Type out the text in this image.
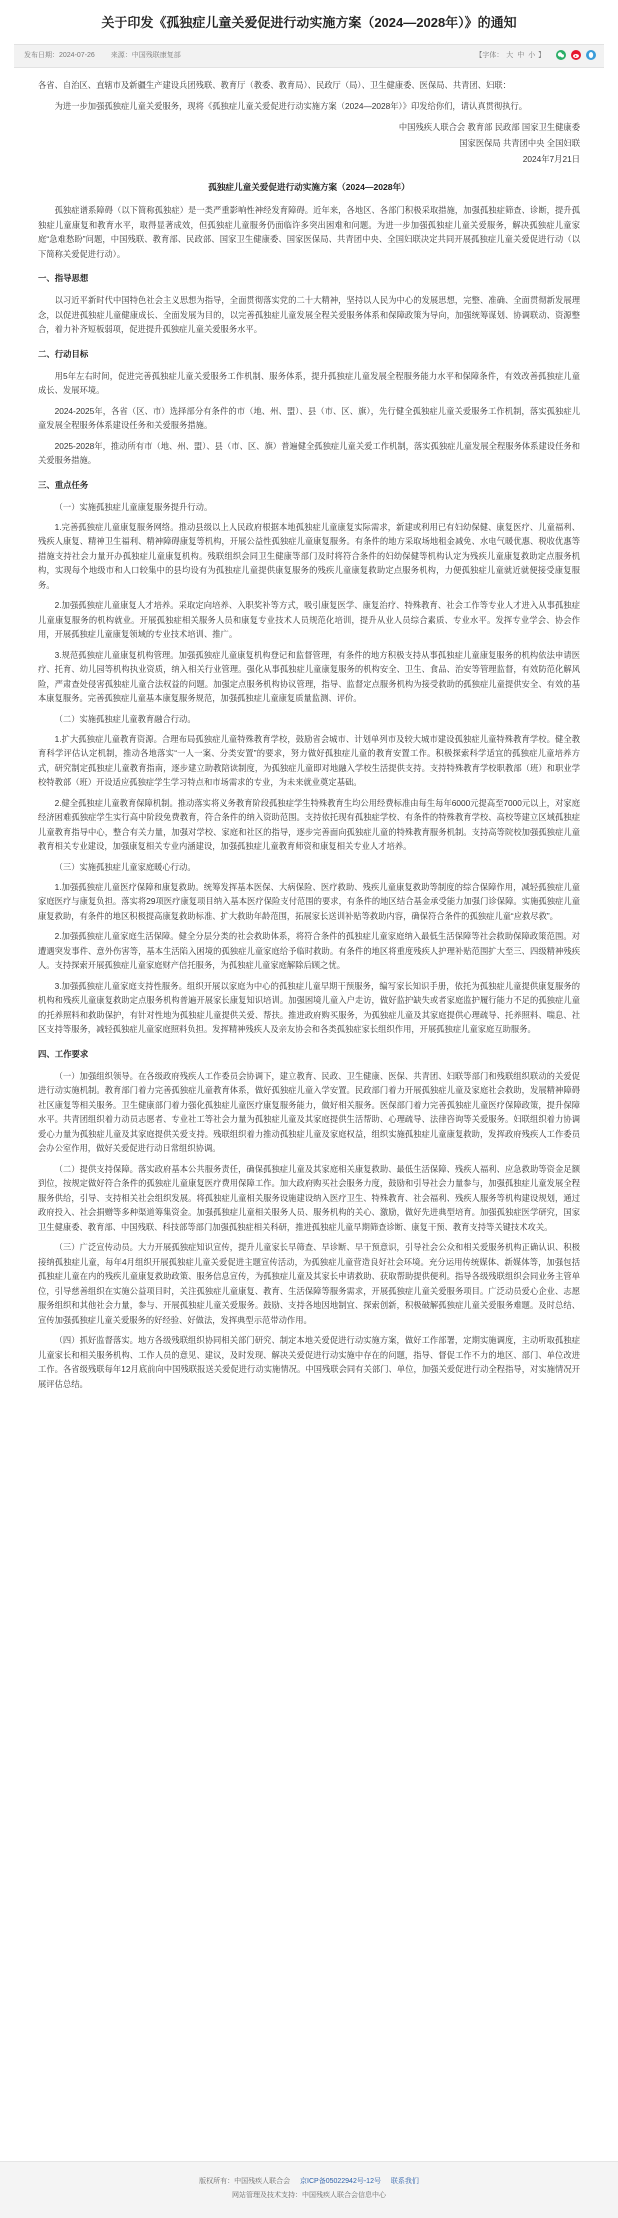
关于印发《孤独症儿童关爱促进行动实施方案（2024—2028年）》的通知
发布日期：2024-07-26 来源：中国残联康复部	【字体： 大 中 小 】

各省、自治区、直辖市及新疆生产建设兵团残联、教育厅（教委、教育局）、民政厅（局）、卫生健康委、医保局、共青团、妇联：

为进一步加强孤独症儿童关爱服务，现将《孤独症儿童关爱促进行动实施方案（2024—2028年）》印发给你们，请认真贯彻执行。

中国残疾人联合会 教育部 民政部 国家卫生健康委

国家医保局 共青团中央 全国妇联

2024年7月21日

孤独症儿童关爱促进行动实施方案（2024—2028年）

孤独症谱系障碍（以下简称孤独症）是一类严重影响性神经发育障碍。近年来，各地区、各部门积极采取措施，加强孤独症筛查、诊断，提升孤独症儿童康复和教育水平，取得显著成效，但孤独症儿童服务仍面临许多突出困难和问题。为进一步加强孤独症儿童关爱服务，解决孤独症儿童家庭“急难愁盼”问题，中国残联、教育部、民政部、国家卫生健康委、国家医保局、共青团中央、全国妇联决定共同开展孤独症儿童关爱促进行动（以下简称关爱促进行动）。

一、指导思想

以习近平新时代中国特色社会主义思想为指导，全面贯彻落实党的二十大精神，坚持以人民为中心的发展思想，完整、准确、全面贯彻新发展理念，以促进孤独症儿童健康成长、全面发展为目的，以完善孤独症儿童发展全程关爱服务体系和保障政策为导向，加强统筹谋划、协调联动、资源整合，着力补齐短板弱项，促进提升孤独症儿童关爱服务水平。

二、行动目标

用5年左右时间，促进完善孤独症儿童关爱服务工作机制、服务体系，提升孤独症儿童发展全程服务能力水平和保障条件，有效改善孤独症儿童成长、发展环境。

2024-2025年，各省（区、市）选择部分有条件的市（地、州、盟）、县（市、区、旗），先行健全孤独症儿童关爱服务工作机制，落实孤独症儿童发展全程服务体系建设任务和关爱服务措施。

2025-2028年，推动所有市（地、州、盟）、县（市、区、旗）普遍健全孤独症儿童关爱工作机制，落实孤独症儿童发展全程服务体系建设任务和关爱服务措施。

三、重点任务
（一）实施孤独症儿童康复服务提升行动。

1.完善孤独症儿童康复服务网络。推动县级以上人民政府根据本地孤独症儿童康复实际需求，新建或利用已有妇幼保健、康复医疗、儿童福利、残疾人康复、精神卫生福利、精神障碍康复等机构，开展公益性孤独症儿童康复服务。有条件的地方采取场地租金减免、水电气暖优惠、税收优惠等措施支持社会力量开办孤独症儿童康复机构。残联组织会同卫生健康等部门及时将符合条件的妇幼保健等机构认定为残疾儿童康复救助定点服务机构，实现每个地级市和人口较集中的县均设有为孤独症儿童提供康复服务的残疾儿童康复救助定点服务机构，力便孤独症儿童就近就便接受康复服务。

2.加强孤独症儿童康复人才培养。采取定向培养、入职奖补等方式，吸引康复医学、康复治疗、特殊教育、社会工作等专业人才进入从事孤独症儿童康复服务的机构就业。开展孤独症相关服务人员和康复专业技术人员规范化培训，提升从业人员综合素质、专业水平。发挥专业学会、协会作用，开展孤独症儿童康复领域的专业技术培训、推广。

3.规范孤独症儿童康复机构管理。加强孤独症儿童康复机构登记和监督管理，有条件的地方积极支持从事孤独症儿童康复服务的机构依法申请医疗、托育、幼儿园等机构执业资质，纳入相关行业管理。强化从事孤独症儿童康复服务的机构安全、卫生、食品、治安等管理监督，有效防范化解风险，严肃查处侵害孤独症儿童合法权益的问题。加强定点服务机构协议管理，指导、监督定点服务机构为接受救助的孤独症儿童提供安全、有效的基本康复服务。完善孤独症儿童基本康复服务规范，加强孤独症儿童康复质量监测、评价。

（二）实施孤独症儿童教育融合行动。

1.扩大孤独症儿童教育资源。合理布局孤独症儿童特殊教育学校，鼓励省会城市、计划单列市及较大城市建设孤独症儿童特殊教育学校。健全教育科学评估认定机制，推动各地落实“一人一案、分类安置”的要求，努力做好孤独症儿童的教育安置工作。积极探索科学适宜的孤独症儿童培养方式，研究制定孤独症儿童教育指南，逐步建立助教陪读制度，为孤独症儿童即对地融入学校生活提供支持。支持特殊教育学校职教部（班）和职业学校特教部（班）开设适应孤独症学生学习特点和市场需求的专业，为未来就业奠定基础。

2.健全孤独症儿童教育保障机制。推动落实将义务教育阶段孤独症学生特殊教育生均公用经费标准由每生每年6000元提高至7000元以上，对家庭经济困难孤独症学生实行高中阶段免费教育，符合条件的纳入资助范围。支持依托现有孤独症学校、有条件的特殊教育学校、高校等建立区域孤独症儿童教育指导中心，整合有关力量，加强对学校、家庭和社区的指导，逐步完善面向孤独症儿童的特殊教育服务机制。支持高等院校加强孤独症儿童教育相关专业建设，加强康复相关专业内涵建设，加强孤独症儿童教育师资和康复相关专业人才培养。

（三）实施孤独症儿童家庭暖心行动。

1.加强孤独症儿童医疗保障和康复救助。统筹发挥基本医保、大病保险、医疗救助、残疾儿童康复救助等制度的综合保障作用，减轻孤独症儿童家庭医疗与康复负担。落实将29项医疗康复项目纳入基本医疗保险支付范围的要求，有条件的地区结合基金承受能力加强门诊保障。实施孤独症儿童康复救助，有条件的地区积极提高康复救助标准、扩大救助年龄范围，拓展家长送训补贴等救助内容，确保符合条件的孤独症儿童“应救尽救”。

2.加强孤独症儿童家庭生活保障。健全分层分类的社会救助体系，将符合条件的孤独症儿童家庭纳入最低生活保障等社会救助保障政策范围。对遭遇突发事件、意外伤害等，基本生活陷入困境的孤独症儿童家庭给予临时救助。有条件的地区将重度残疾人护理补贴范围扩大至三、四级精神残疾人。支持探索开展孤独症儿童家庭财产信托服务，为孤独症儿童家庭解除后顾之忧。

3.加强孤独症儿童家庭支持性服务。组织开展以家庭为中心的孤独症儿童早期干预服务，编写家长知识手册，依托为孤独症儿童提供康复服务的机构和残疾儿童康复救助定点服务机构普遍开展家长康复知识培训。加强困境儿童入户走访，做好监护缺失或者家庭监护履行能力不足的孤独症儿童的托养照料和救助保护，有针对性地为孤独症儿童提供关爱、帮扶。推进政府购买服务，为孤独症儿童及其家庭提供心理疏导、托养照料、喘息、社区支持等服务，减轻孤独症儿童家庭照料负担。发挥精神残疾人及亲友协会和各类孤独症家长组织作用，开展孤独症儿童家庭互助服务。

四、工作要求

（一）加强组织领导。在各级政府残疾人工作委员会协调下，建立教育、民政、卫生健康、医保、共青团、妇联等部门和残联组织联动的关爱促进行动实施机制。教育部门着力完善孤独症儿童教育体系，做好孤独症儿童入学安置。民政部门着力开展孤独症儿童及家庭社会救助，发展精神障碍社区康复等相关服务。卫生健康部门着力强化孤独症儿童医疗康复服务能力，做好相关服务。医保部门着力完善孤独症儿童医疗保障政策，提升保障水平。共青团组织着力动员志愿者、专业社工等社会力量为孤独症儿童及其家庭提供生活帮助、心理疏导、法律咨询等关爱服务。妇联组织着力协调爱心力量为孤独症儿童及其家庭提供关爱支持。残联组织着力推动孤独症儿童及家庭权益，组织实施孤独症儿童康复救助，发挥政府残疾人工作委员会办公室作用，做好关爱促进行动日常组织协调。

（二）提供支持保障。落实政府基本公共服务责任，确保孤独症儿童及其家庭相关康复救助、最低生活保障、残疾人福利、应急救助等资金足额到位，按规定做好符合条件的孤独症儿童康复医疗费用保障工作。加大政府购买社会服务力度，鼓励和引导社会力量参与，加强孤独症儿童发展全程服务供给，引导、支持相关社会组织发展。将孤独症儿童相关服务设施建设纳入医疗卫生、特殊教育、社会福利、残疾人服务等机构建设规划，通过政府投入、社会捐赠等多种渠道筹集资金。加强孤独症儿童相关服务人员、服务机构的关心、激励，做好先进典型培育。加强孤独症医学研究，国家卫生健康委、教育部、中国残联、科技部等部门加强孤独症相关科研，推进孤独症儿童早期筛查诊断、康复干预、教育支持等关键技术攻关。

（三）广泛宣传动员。大力开展孤独症知识宣传，提升儿童家长早筛查、早诊断、早干预意识，引导社会公众和相关爱服务机构正确认识、积极接纳孤独症儿童，每年4月组织开展孤独症儿童关爱促进主题宣传活动，为孤独症儿童营造良好社会环境。充分运用传统媒体、新媒体等，加强包括孤独症儿童在内的残疾儿童康复救助政策、服务信息宣传，为孤独症儿童及其家长申请救助、获取帮助提供便利。指导各级残联组织会同业务主管单位，引导慈善组织在实施公益项目时，关注孤独症儿童康复、教育、生活保障等服务需求，开展孤独症儿童关爱服务项目。广泛动员爱心企业、志愿服务组织和其他社会力量，参与、开展孤独症儿童关爱服务。鼓励、支持各地因地制宜、探索创新，积极破解孤独症儿童关爱服务难题。及时总结、宣传加强孤独症儿童关爱服务的好经验、好做法，发挥典型示范带动作用。

（四）抓好监督落实。地方各级残联组织协同相关部门研究、制定本地关爱促进行动实施方案，做好工作部署，定期实施调度，主动听取孤独症儿童家长和相关服务机构、工作人员的意见、建议，及时发现、解决关爱促进行动实施中存在的问题，指导、督促工作不力的地区、部门、单位改进工作。各省级残联每年12月底前向中国残联报送关爱促进行动实施情况。中国残联会同有关部门、单位，加强关爱促进行动全程指导，对实施情况开展评估总结。

版权所有：中国残疾人联合会 京ICP备05022942号-12号 联系我们
网站管理及技术支持：中国残疾人联合会信息中心
